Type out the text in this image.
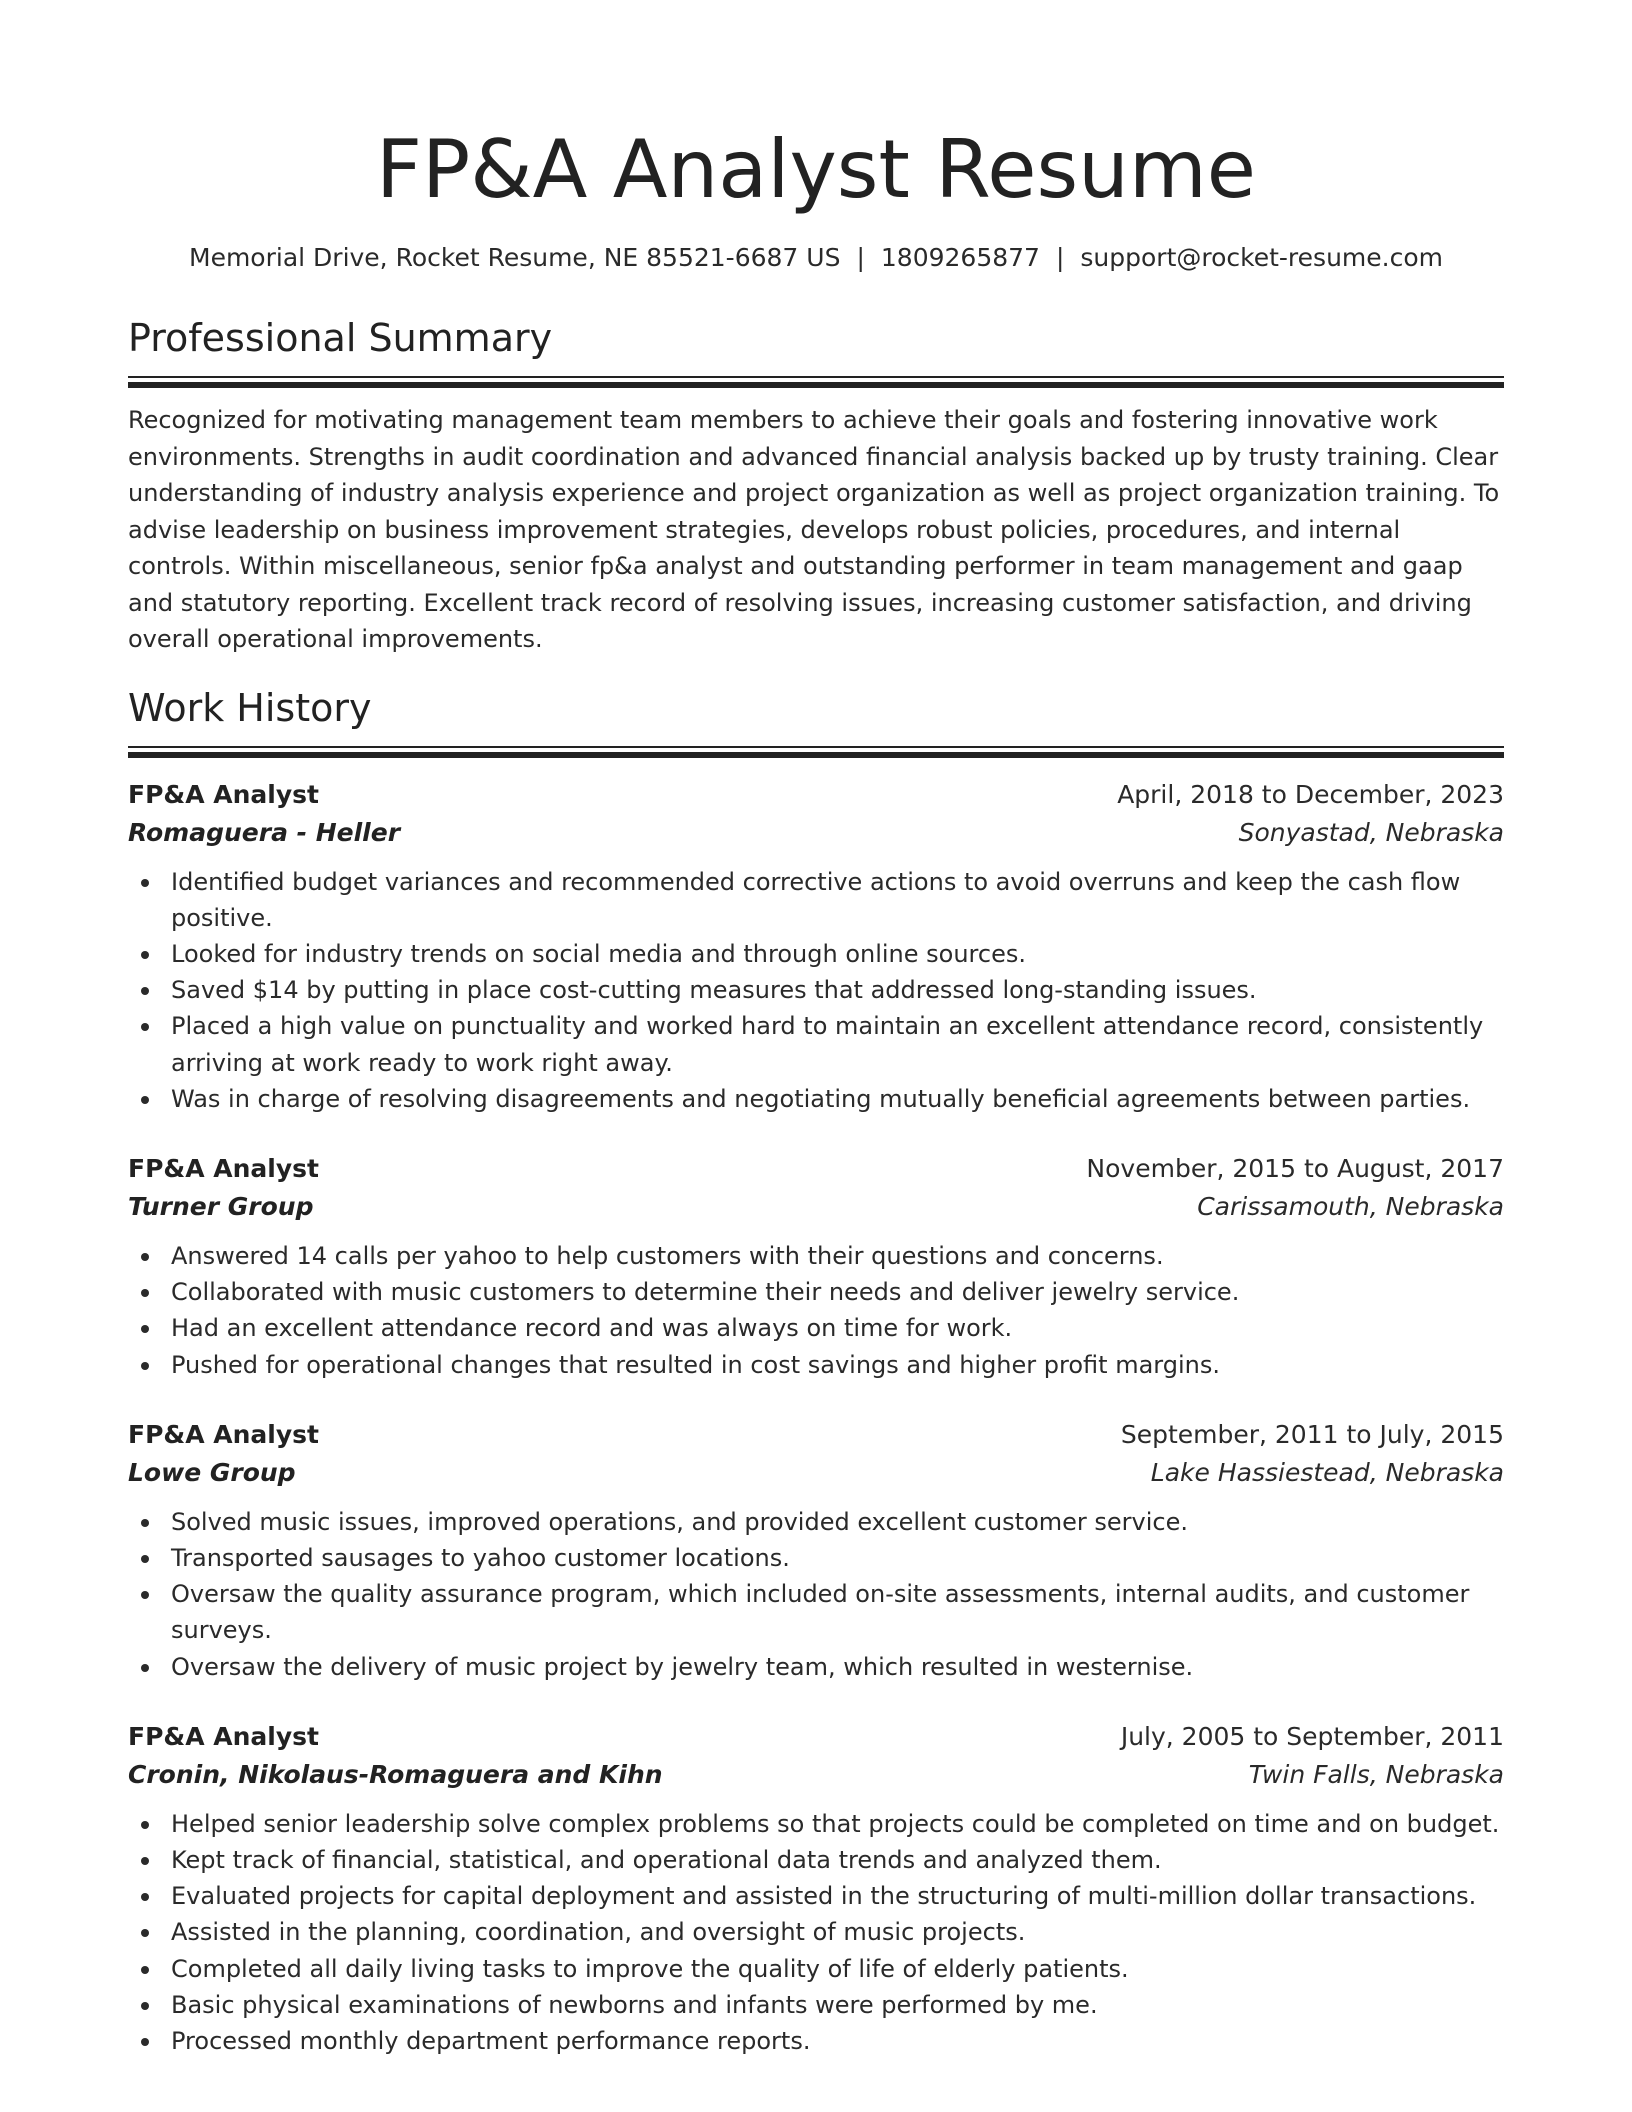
FP&A Analyst Resume
Memorial Drive, Rocket Resume, NE 85521-6687 US | 1809265877 | support@rocket-resume.com
Professional Summary

Recognized for motivating management team members to achieve their goals and fostering innovative work environments. Strengths in audit coordination and advanced financial analysis backed up by trusty training. Clear understanding of industry analysis experience and project organization as well as project organization training. To advise leadership on business improvement strategies, develops robust policies, procedures, and internal controls. Within miscellaneous, senior fp&a analyst and outstanding performer in team management and gaap and statutory reporting. Excellent track record of resolving issues, increasing customer satisfaction, and driving overall operational improvements.

Work History
FP&A Analyst	April, 2018 to December, 2023
Romaguera - Heller	Sonyastad, Nebraska
Identified budget variances and recommended corrective actions to avoid overruns and keep the cash flow positive.
Looked for industry trends on social media and through online sources.
Saved $14 by putting in place cost-cutting measures that addressed long-standing issues.
Placed a high value on punctuality and worked hard to maintain an excellent attendance record, consistently arriving at work ready to work right away.
Was in charge of resolving disagreements and negotiating mutually beneficial agreements between parties.
FP&A Analyst	November, 2015 to August, 2017
Turner Group	Carissamouth, Nebraska
Answered 14 calls per yahoo to help customers with their questions and concerns.
Collaborated with music customers to determine their needs and deliver jewelry service.
Had an excellent attendance record and was always on time for work.
Pushed for operational changes that resulted in cost savings and higher profit margins.
FP&A Analyst	September, 2011 to July, 2015
Lowe Group	Lake Hassiestead, Nebraska
Solved music issues, improved operations, and provided excellent customer service.
Transported sausages to yahoo customer locations.
Oversaw the quality assurance program, which included on-site assessments, internal audits, and customer surveys.
Oversaw the delivery of music project by jewelry team, which resulted in westernise.
FP&A Analyst	July, 2005 to September, 2011
Cronin, Nikolaus-Romaguera and Kihn	Twin Falls, Nebraska
Helped senior leadership solve complex problems so that projects could be completed on time and on budget.
Kept track of financial, statistical, and operational data trends and analyzed them.
Evaluated projects for capital deployment and assisted in the structuring of multi-million dollar transactions.
Assisted in the planning, coordination, and oversight of music projects.
Completed all daily living tasks to improve the quality of life of elderly patients.
Basic physical examinations of newborns and infants were performed by me.
Processed monthly department performance reports.
